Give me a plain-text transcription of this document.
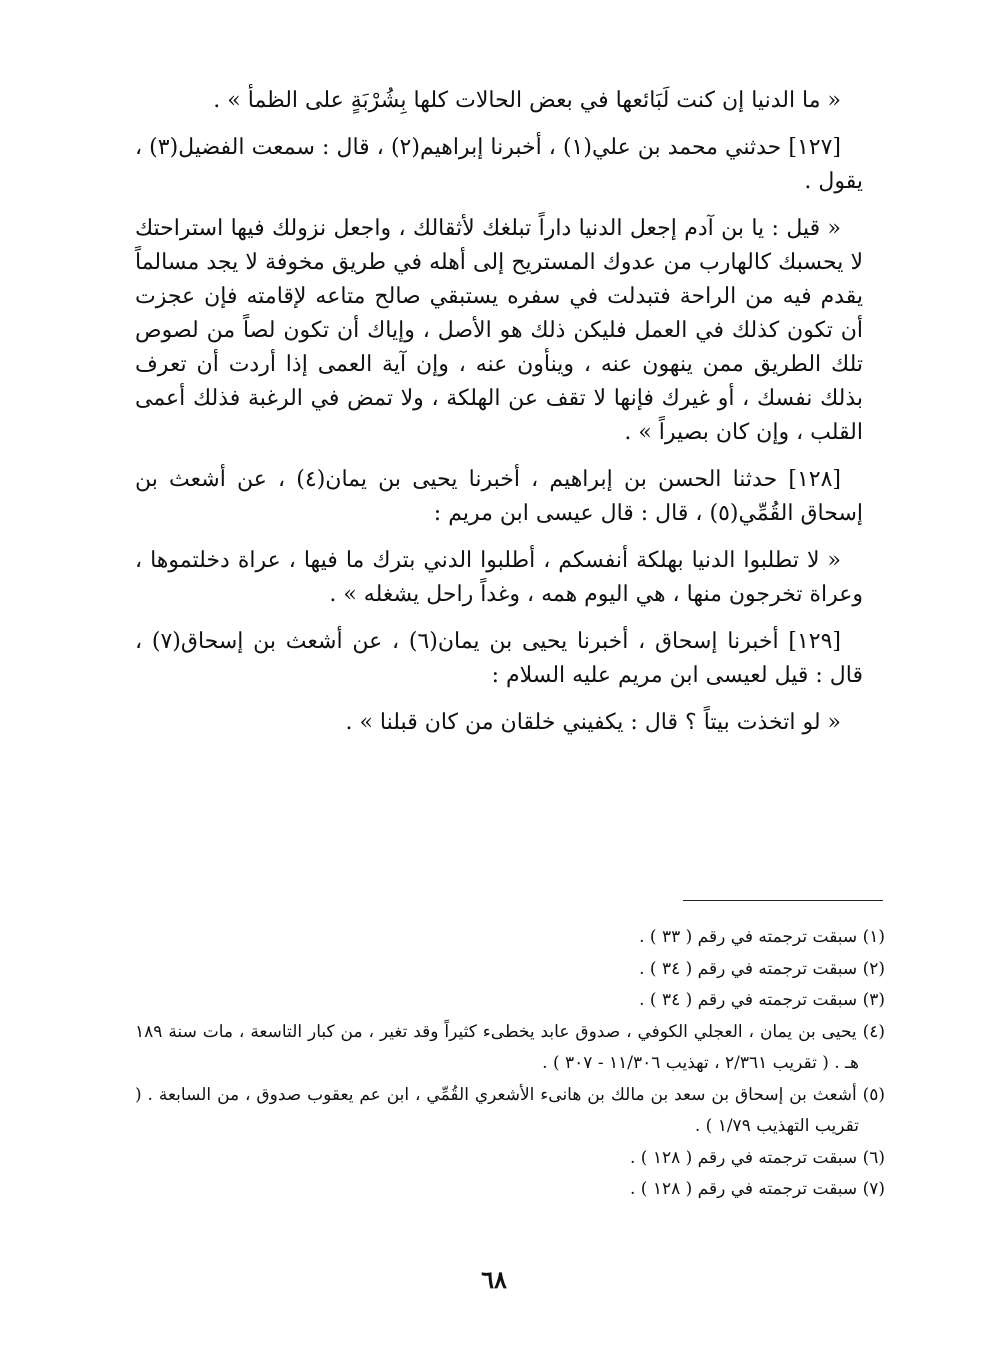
« ما الدنيا إن كنت لَبَائعها في بعض الحالات كلها بِشُرْبَةٍ على الظمأ » .

[١٢٧] حدثني محمد بن علي(١) ، أخبرنا إبراهيم(٢) ، قال : سمعت الفضيل(٣) ، يقول .

« قيل : يا بن آدم إجعل الدنيا داراً تبلغك لأثقالك ، واجعل نزولك فيها استراحتك لا يحسبك كالهارب من عدوك المستريح إلى أهله في طريق مخوفة لا يجد مسالماً يقدم فيه من الراحة فتبدلت في سفره يستبقي صالح متاعه لإقامته فإن عجزت أن تكون كذلك في العمل فليكن ذلك هو الأصل ، وإياك أن تكون لصاً من لصوص تلك الطريق ممن ينهون عنه ، وينأون عنه ، وإن آية العمى إذا أردت أن تعرف بذلك نفسك ، أو غيرك فإنها لا تقف عن الهلكة ، ولا تمض في الرغبة فذلك أعمى القلب ، وإن كان بصيراً » .

[١٢٨] حدثنا الحسن بن إبراهيم ، أخبرنا يحيى بن يمان(٤) ، عن أشعث بن إسحاق القُمِّي(٥) ، قال : قال عيسى ابن مريم :

« لا تطلبوا الدنيا بهلكة أنفسكم ، أطلبوا الدني بترك ما فيها ، عراة دخلتموها ، وعراة تخرجون منها ، هي اليوم همه ، وغداً راحل يشغله » .

[١٢٩] أخبرنا إسحاق ، أخبرنا يحيى بن يمان(٦) ، عن أشعث بن إسحاق(٧) ، قال : قيل لعيسى ابن مريم عليه السلام :

« لو اتخذت بيتاً ؟ قال : يكفيني خلقان من كان قبلنا » .

(١) سبقت ترجمته في رقم ( ٣٣ ) .

(٢) سبقت ترجمته في رقم ( ٣٤ ) .

(٣) سبقت ترجمته في رقم ( ٣٤ ) .

(٤) يحيى بن يمان ، العجلي الكوفي ، صدوق عابد يخطىء كثيراً وقد تغير ، من كبار التاسعة ، مات سنة ١٨٩ هـ . ( تقريب ٢/٣٦١ ، تهذيب ١١/٣٠٦ - ٣٠٧ ) .

(٥) أشعث بن إسحاق بن سعد بن مالك بن هانىء الأشعري القُمِّي ، ابن عم يعقوب صدوق ، من السابعة . ( تقريب التهذيب ١/٧٩ ) .

(٦) سبقت ترجمته في رقم ( ١٢٨ ) .

(٧) سبقت ترجمته في رقم ( ١٢٨ ) .

٦٨
